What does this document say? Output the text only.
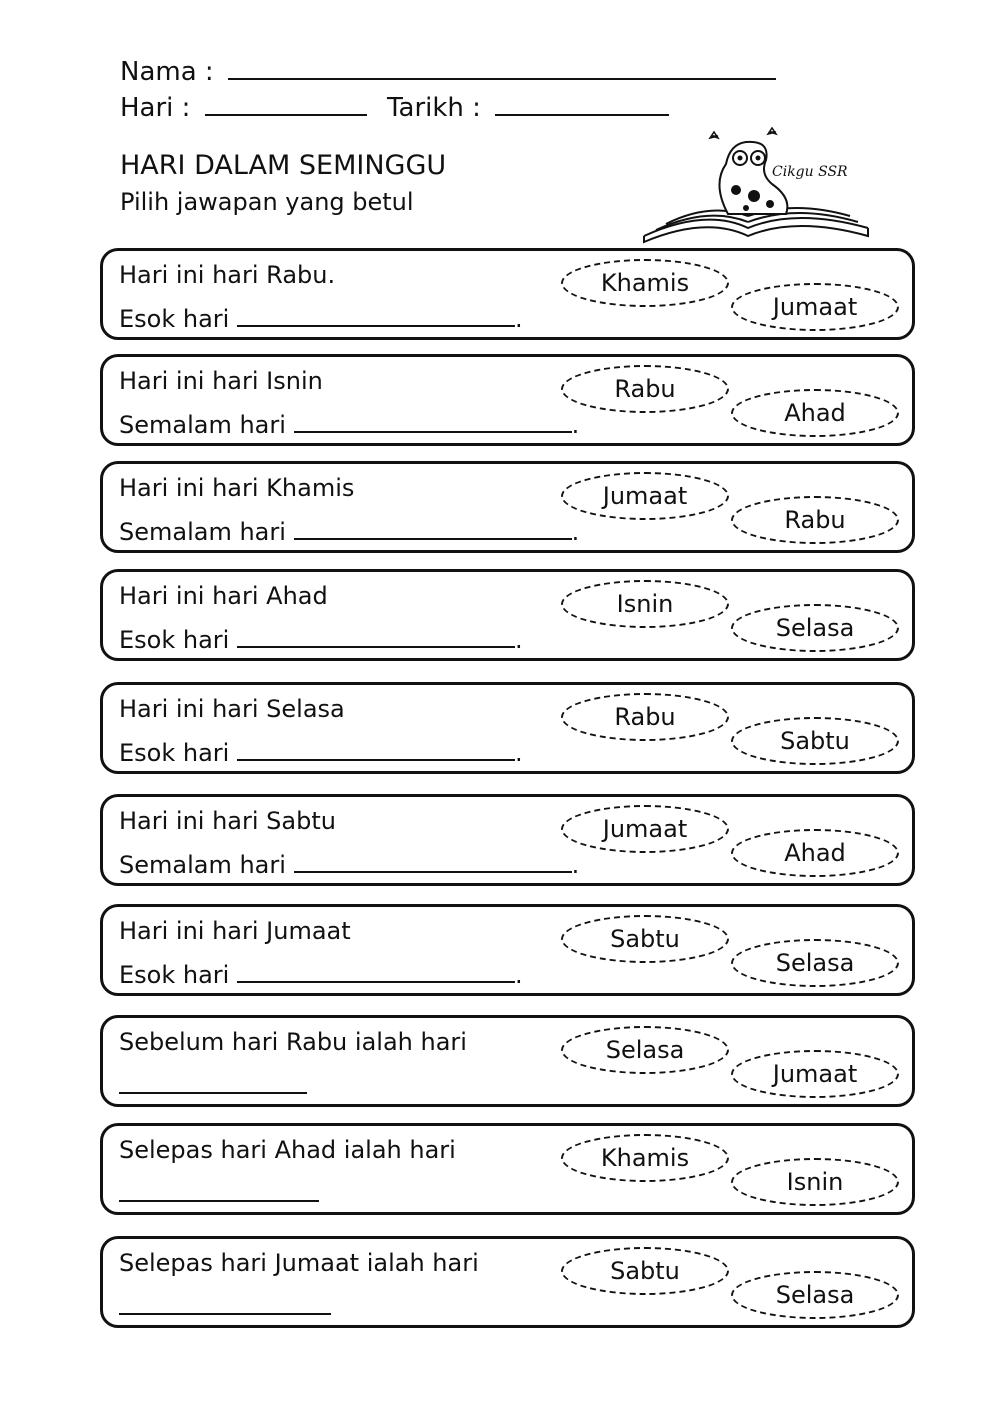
Nama :
Hari :	Tarikh :
HARI DALAM SEMINGGU
Pilih jawapan yang betul
Cikgu SSR
Hari ini hari Rabu.
Esok hari	.
Khamis
Jumaat
Hari ini hari Isnin
Semalam hari	.
Rabu
Ahad
Hari ini hari Khamis
Semalam hari	.
Jumaat
Rabu
Hari ini hari Ahad
Esok hari	.
Isnin
Selasa
Hari ini hari Selasa
Esok hari	.
Rabu
Sabtu
Hari ini hari Sabtu
Semalam hari	.
Jumaat
Ahad
Hari ini hari Jumaat
Esok hari	.
Sabtu
Selasa
Sebelum hari Rabu ialah hari	Selasa
Jumaat
Selepas hari Ahad ialah hari	Khamis
Isnin
Selepas hari Jumaat ialah hari	Sabtu
Selasa
